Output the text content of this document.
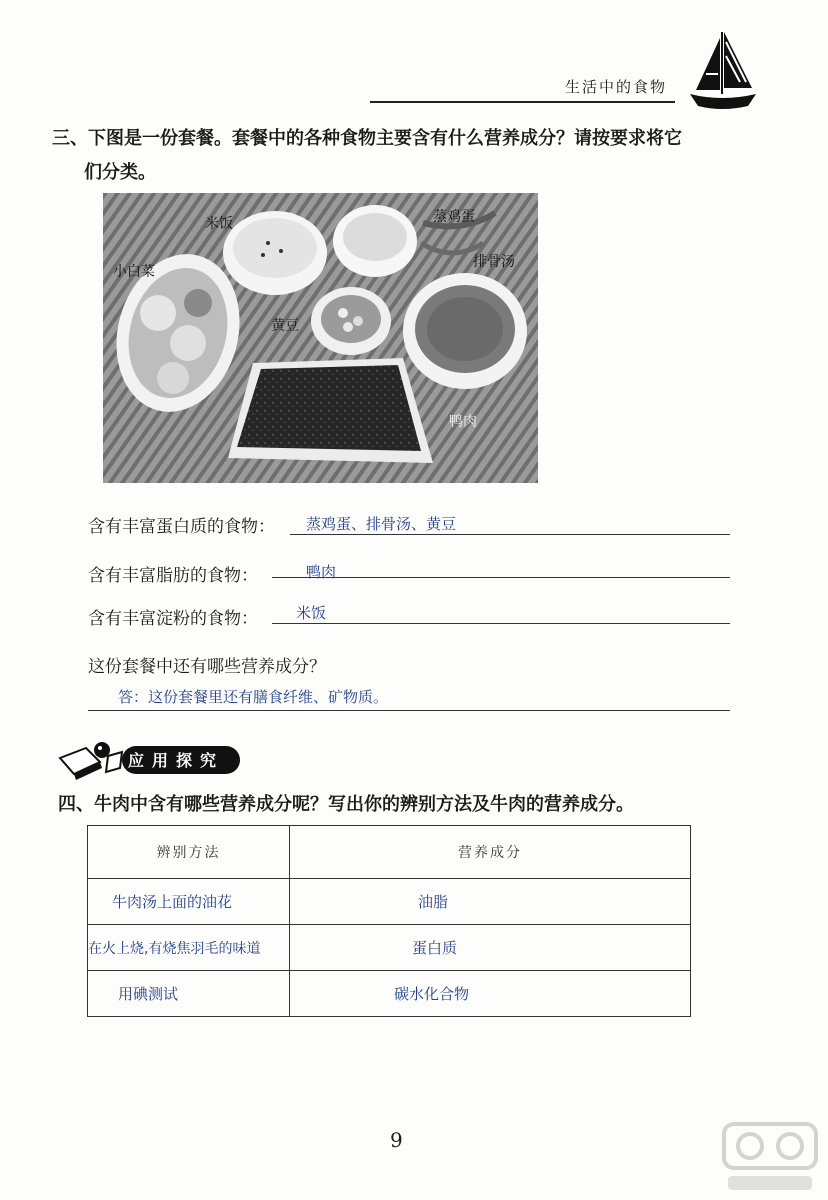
生活中的食物
三、下图是一份套餐。套餐中的各种食物主要含有什么营养成分？请按要求将它
们分类。
米饭	蒸鸡蛋
小白菜
排骨汤
黄豆
鸭肉
含有丰富蛋白质的食物： 蒸鸡蛋、排骨汤、黄豆
含有丰富脂肪的食物：	鸭肉
含有丰富淀粉的食物：	米饭
这份套餐中还有哪些营养成分？
答：这份套餐里还有膳食纤维、矿物质。
应用探究
四、牛肉中含有哪些营养成分呢？写出你的辨别方法及牛肉的营养成分。
辨别方法	营养成分

牛肉汤上面的油花	油脂

在火上烧,有烧焦羽毛的味道	蛋白质

用碘测试	碳水化合物
9
